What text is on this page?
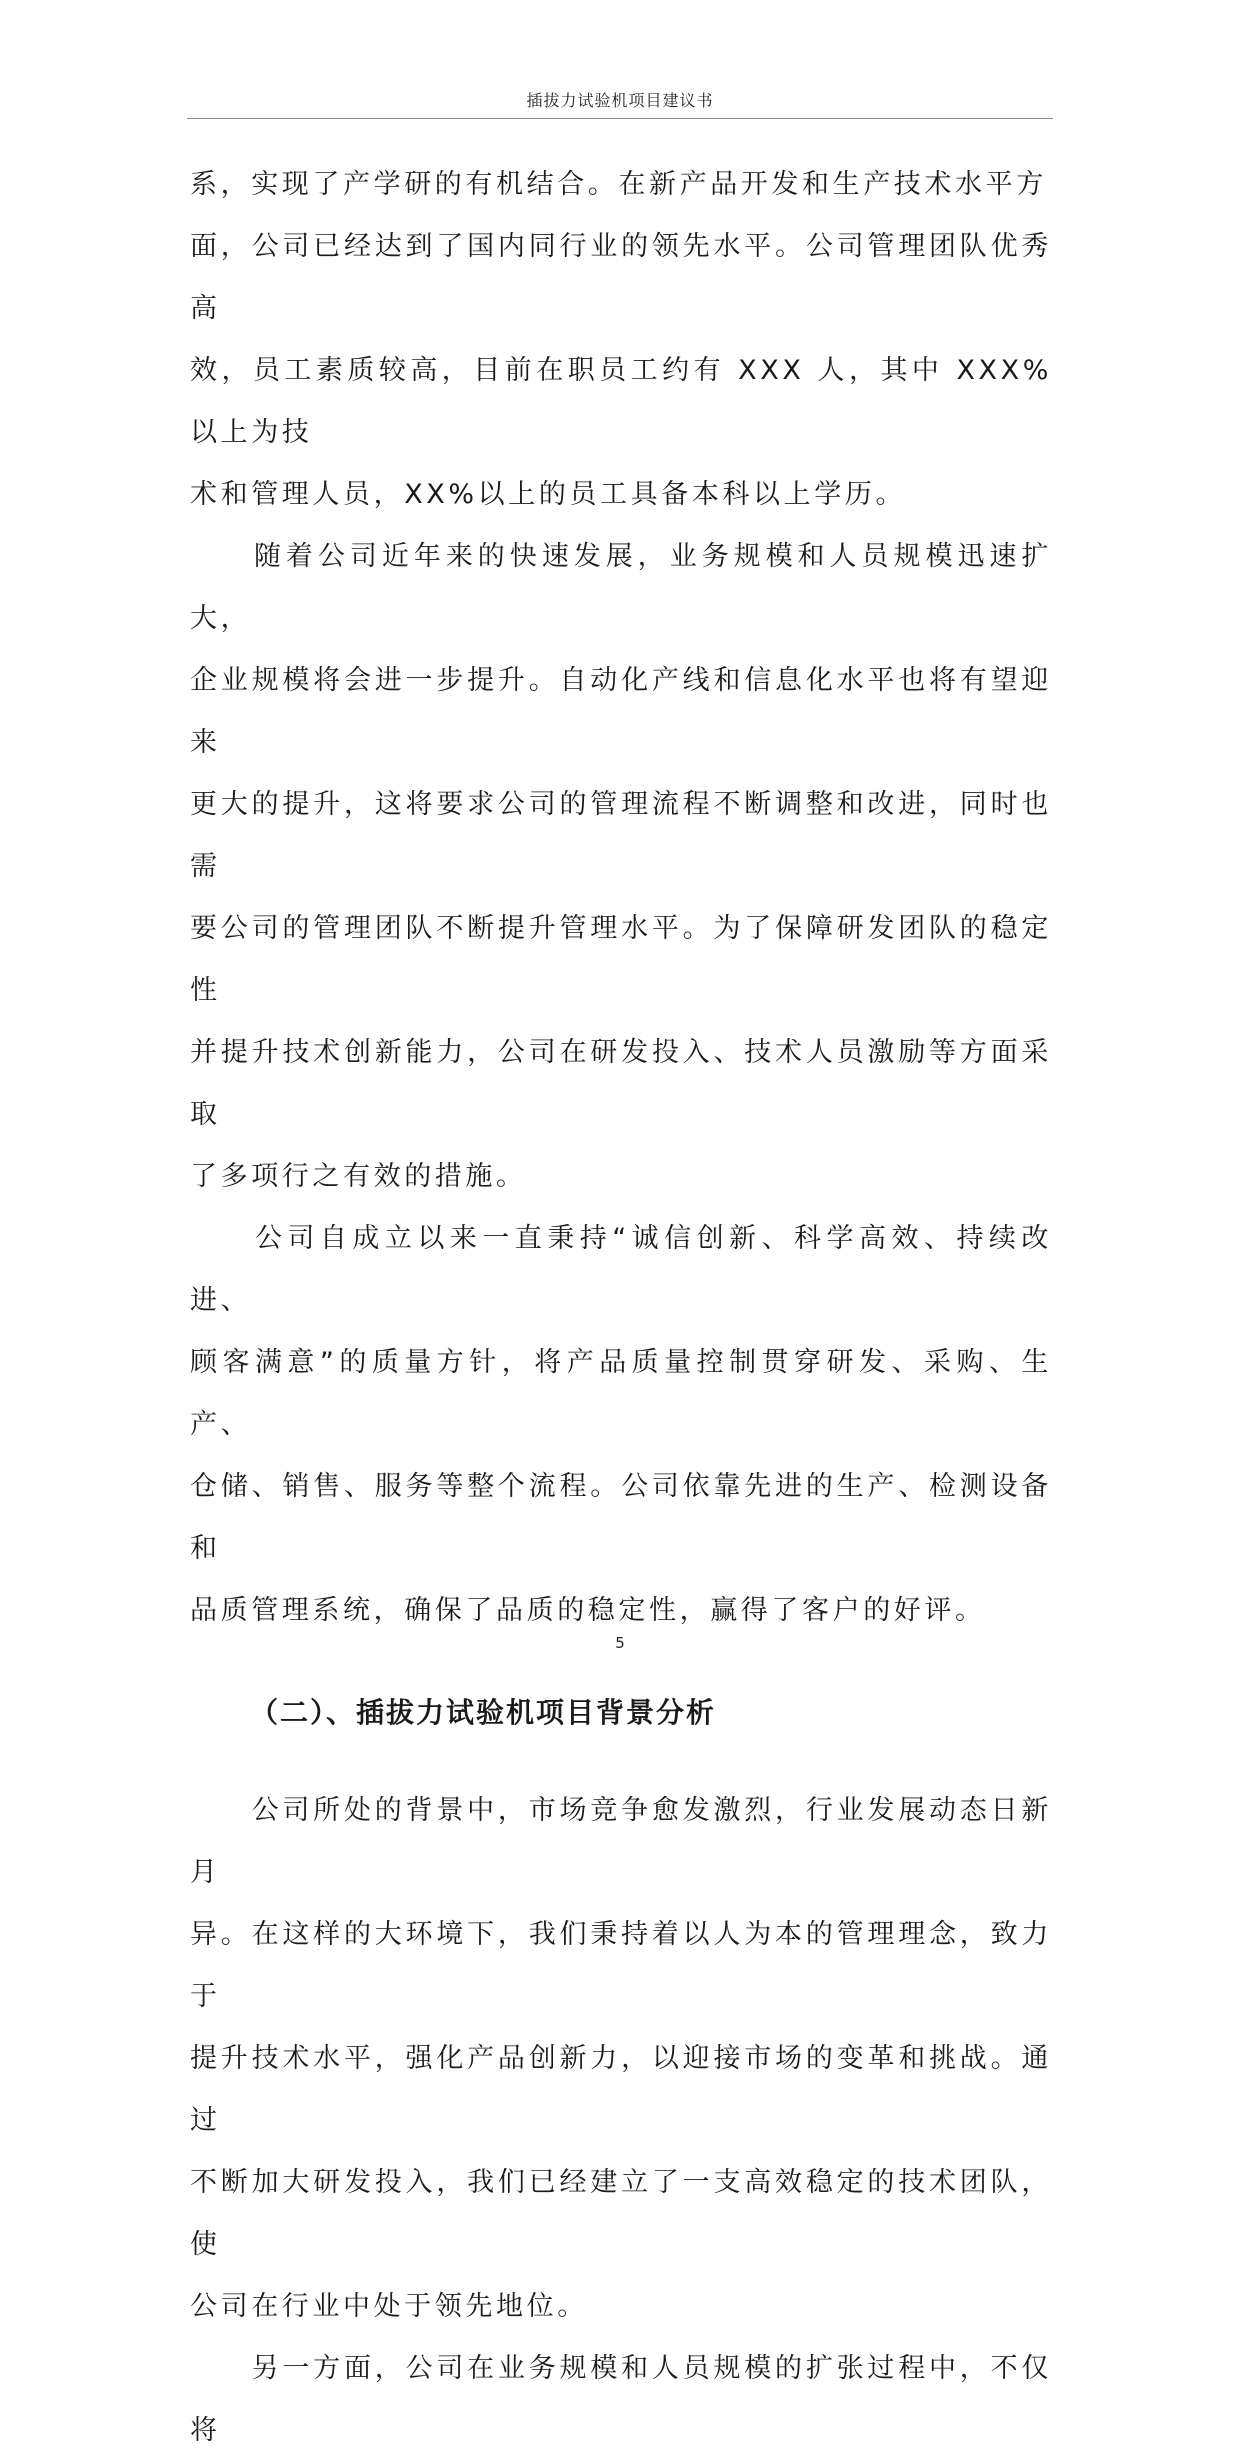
插拔力试验机项目建议书
系，实现了产学研的有机结合。在新产品开发和生产技术水平方
面，公司已经达到了国内同行业的领先水平。公司管理团队优秀高
效，员工素质较高，目前在职员工约有 XXX 人，其中 XXX%以上为技
术和管理人员，XX%以上的员工具备本科以上学历。
　　随着公司近年来的快速发展，业务规模和人员规模迅速扩大，
企业规模将会进一步提升。自动化产线和信息化水平也将有望迎来
更大的提升，这将要求公司的管理流程不断调整和改进，同时也需
要公司的管理团队不断提升管理水平。为了保障研发团队的稳定性
并提升技术创新能力，公司在研发投入、技术人员激励等方面采取
了多项行之有效的措施。
　　公司自成立以来一直秉持“诚信创新、科学高效、持续改进、
顾客满意”的质量方针，将产品质量控制贯穿研发、采购、生产、
仓储、销售、服务等整个流程。公司依靠先进的生产、检测设备和
品质管理系统，确保了品质的稳定性，赢得了客户的好评。
（二）、插拔力试验机项目背景分析
　　公司所处的背景中，市场竞争愈发激烈，行业发展动态日新月
异。在这样的大环境下，我们秉持着以人为本的管理理念，致力于
提升技术水平，强化产品创新力，以迎接市场的变革和挑战。通过
不断加大研发投入，我们已经建立了一支高效稳定的技术团队，使
公司在行业中处于领先地位。
　　另一方面，公司在业务规模和人员规模的扩张过程中，不仅将
5
